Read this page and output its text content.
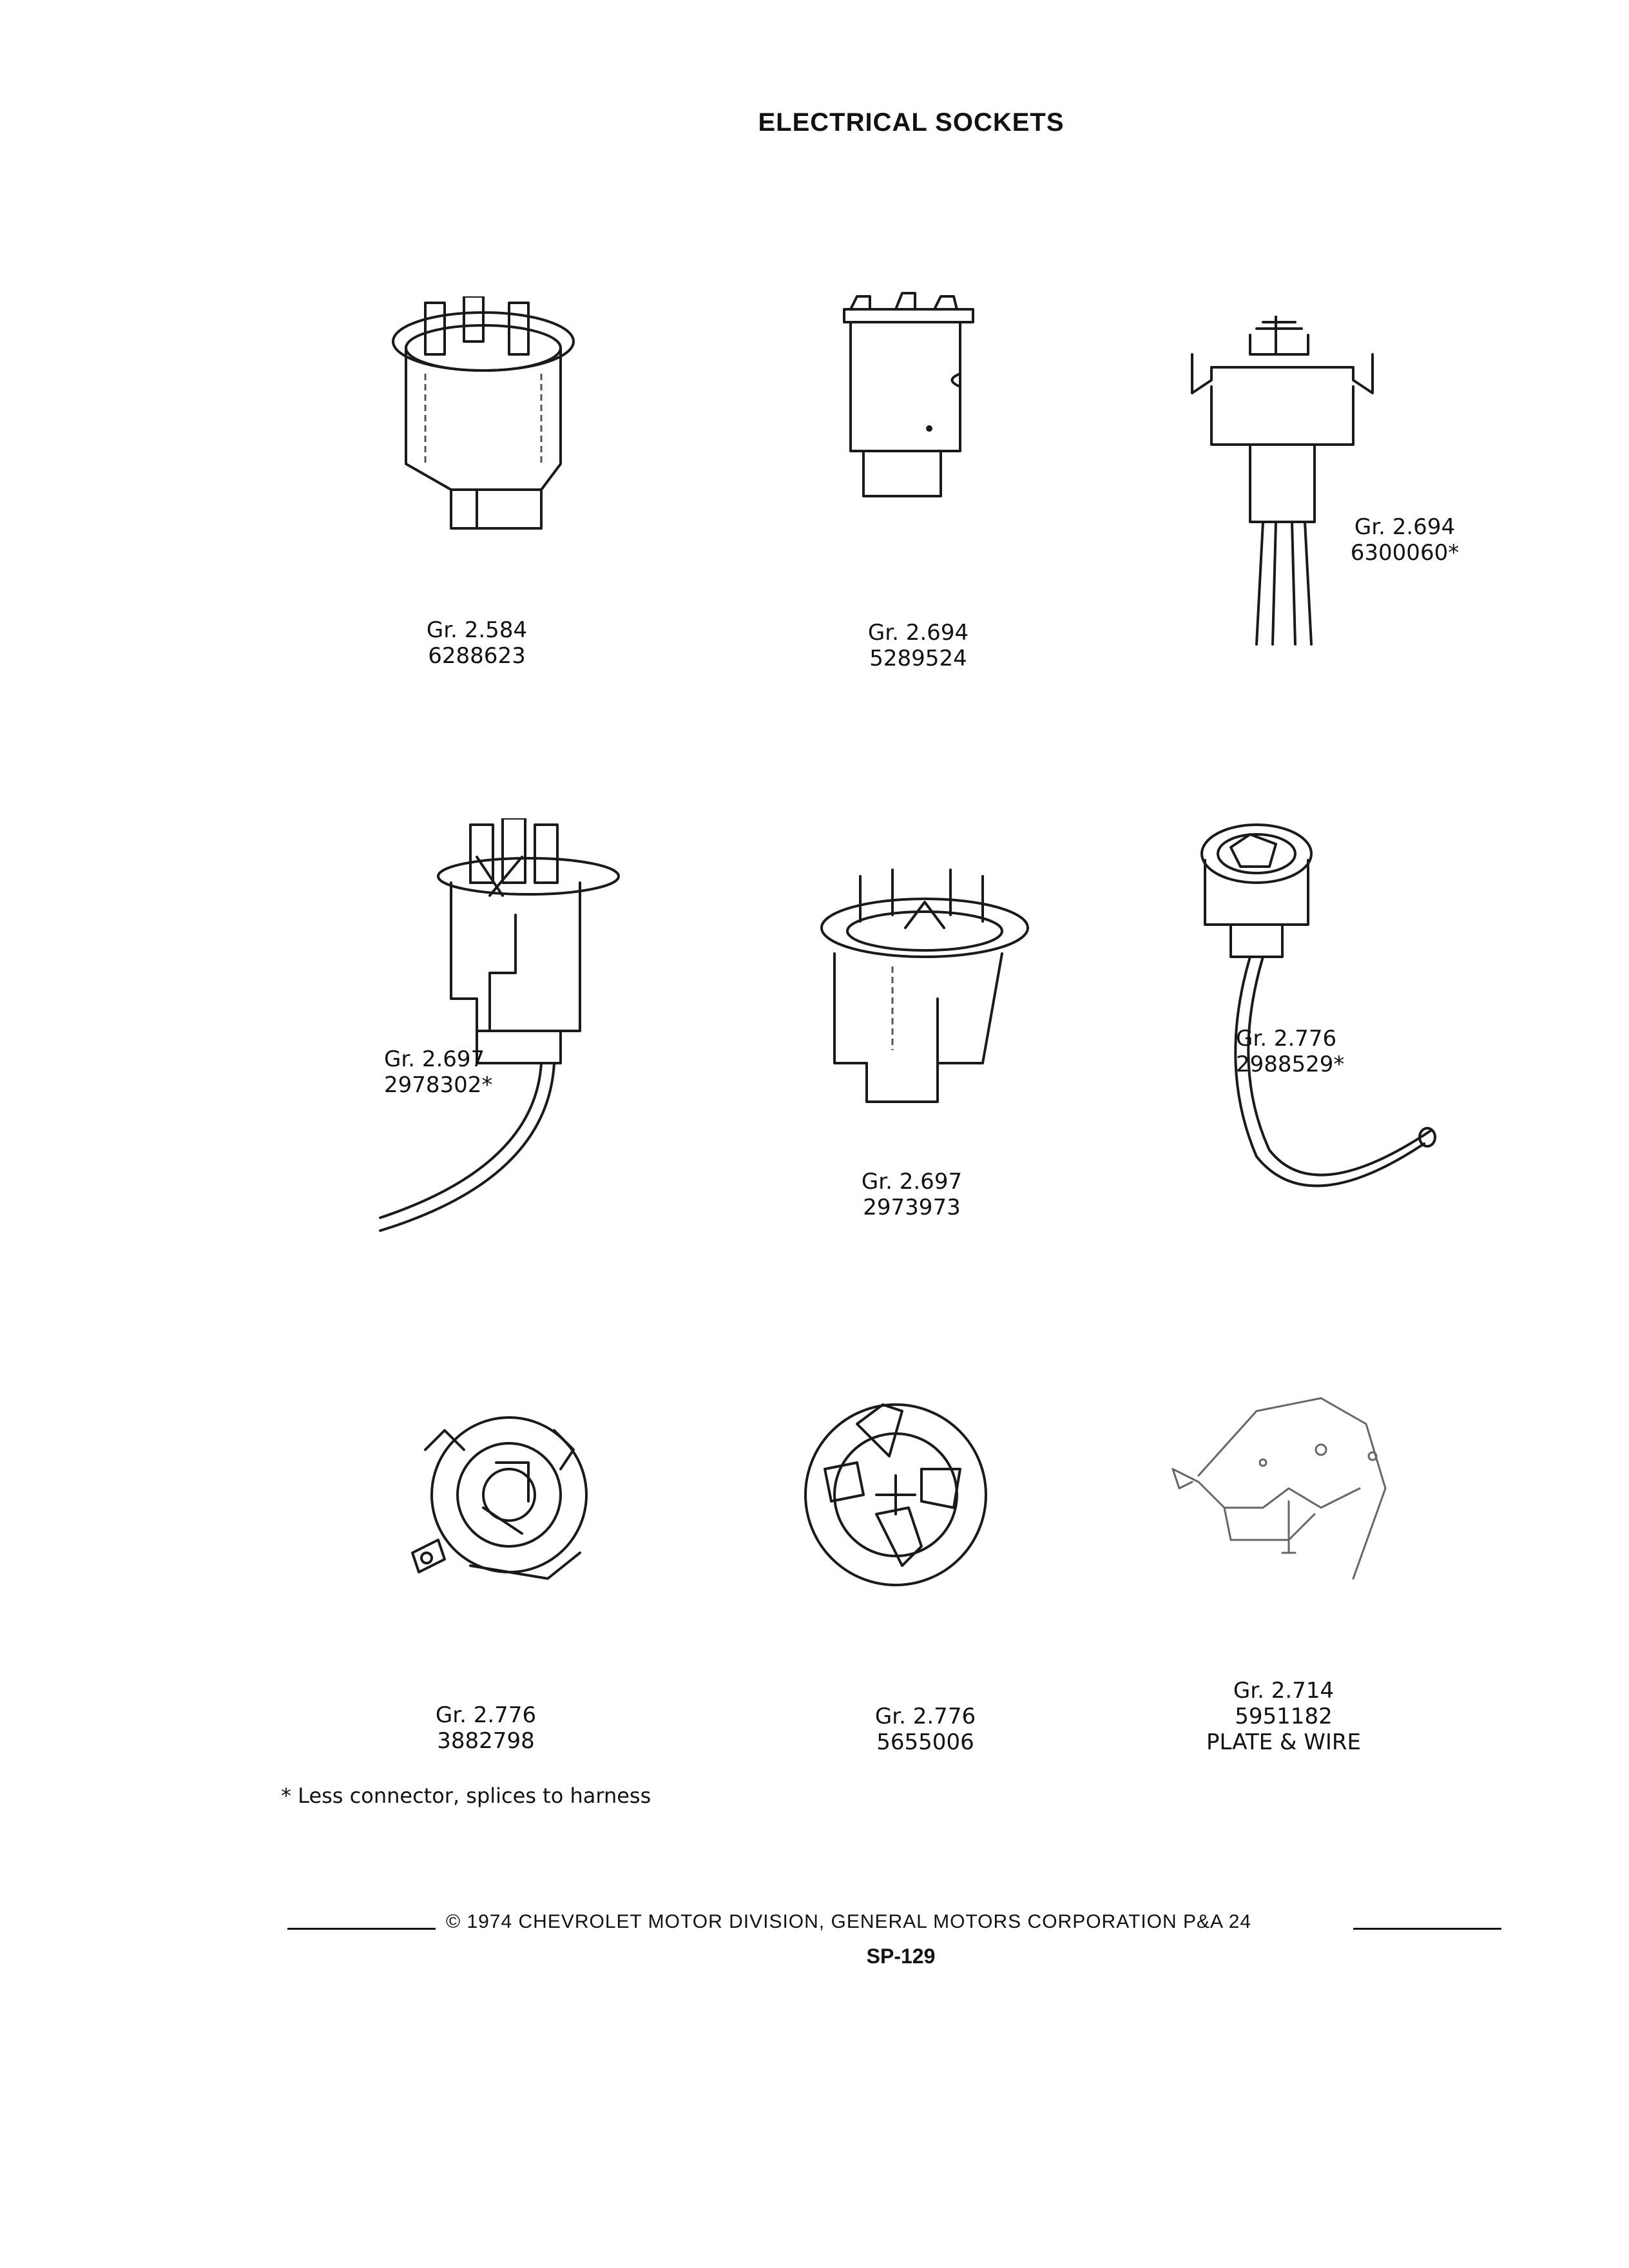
ELECTRICAL SOCKETS
Gr. 2.584
6288623
Gr. 2.694
5289524
Gr. 2.694
6300060*
Gr. 2.697
2978302*
Gr. 2.697
2973973
Gr. 2.776
2988529*
Gr. 2.776
3882798
Gr. 2.776
5655006
Gr. 2.714
5951182
PLATE & WIRE
* Less connector, splices to harness
© 1974 CHEVROLET MOTOR DIVISION, GENERAL MOTORS CORPORATION P&A 24
SP-129
